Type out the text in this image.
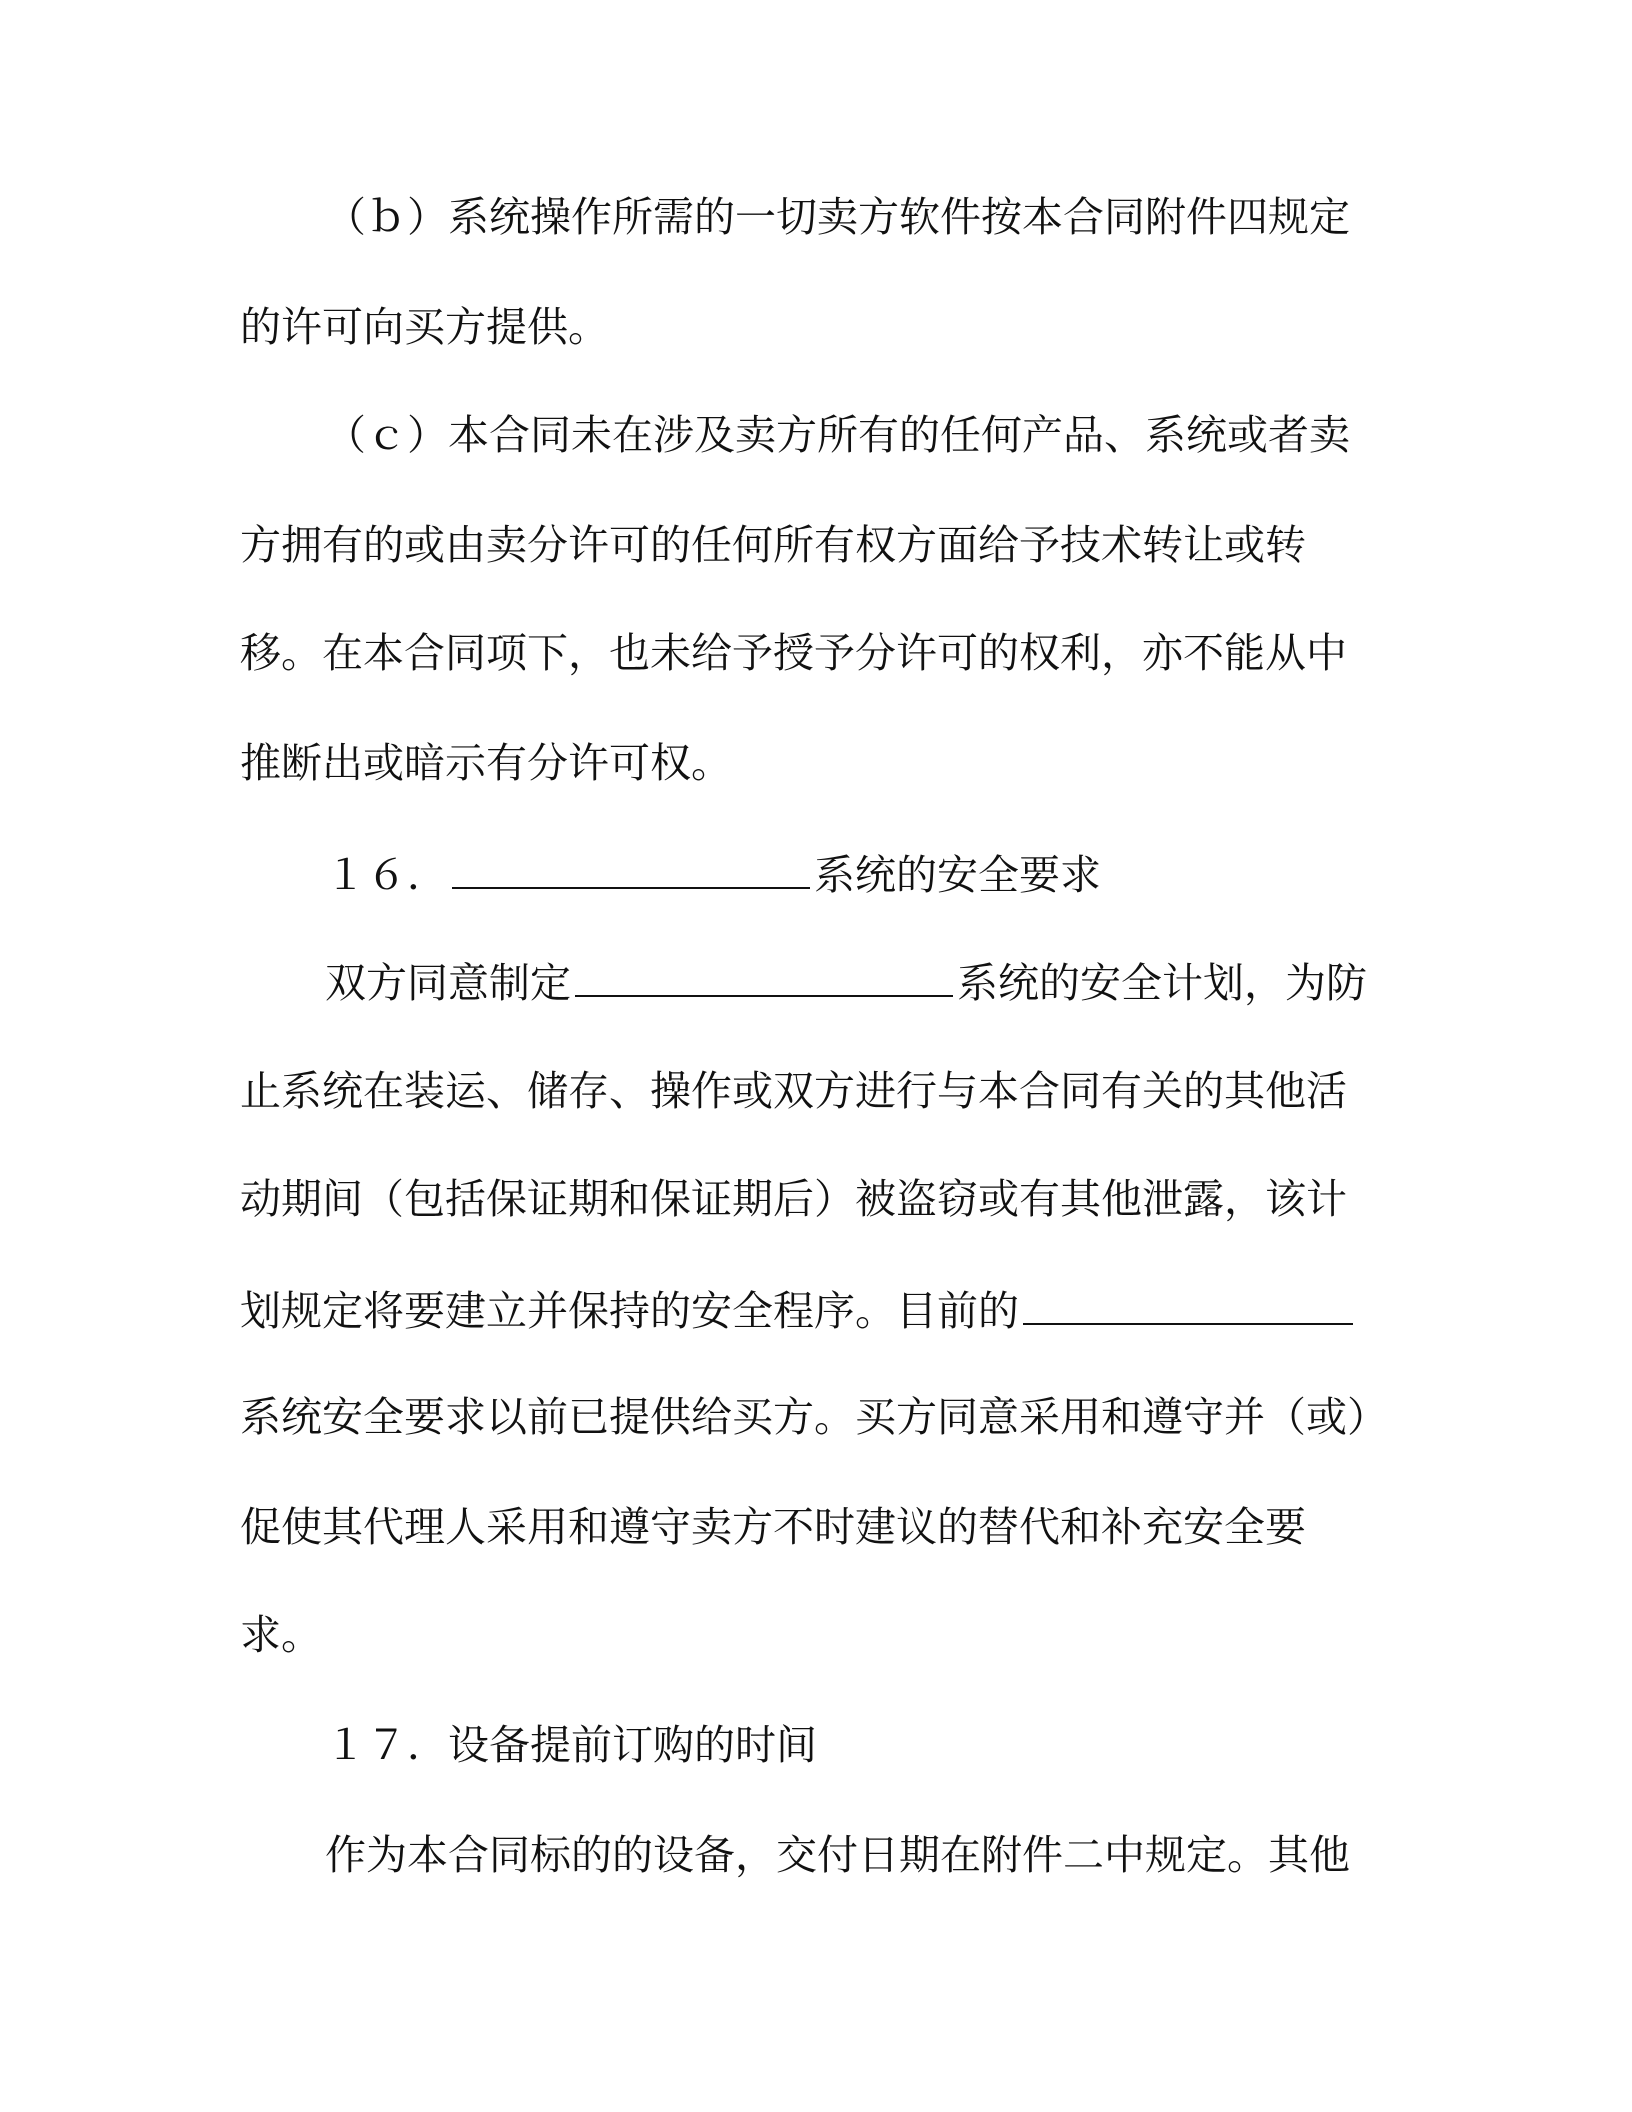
（ｂ）系统操作所需的一切卖方软件按本合同附件四规定
的许可向买方提供。
（ｃ）本合同未在涉及卖方所有的任何产品、系统或者卖
方拥有的或由卖分许可的任何所有权方面给予技术转让或转
移。在本合同项下，也未给予授予分许可的权利，亦不能从中
推断出或暗示有分许可权。
１６．	系统的安全要求
双方同意制定	系统的安全计划，为防
止系统在装运、储存、操作或双方进行与本合同有关的其他活
动期间（包括保证期和保证期后）被盗窃或有其他泄露，该计
划规定将要建立并保持的安全程序。目前的
系统安全要求以前已提供给买方。买方同意采用和遵守并（或）
促使其代理人采用和遵守卖方不时建议的替代和补充安全要
求。
１７．设备提前订购的时间
作为本合同标的的设备，交付日期在附件二中规定。其他
